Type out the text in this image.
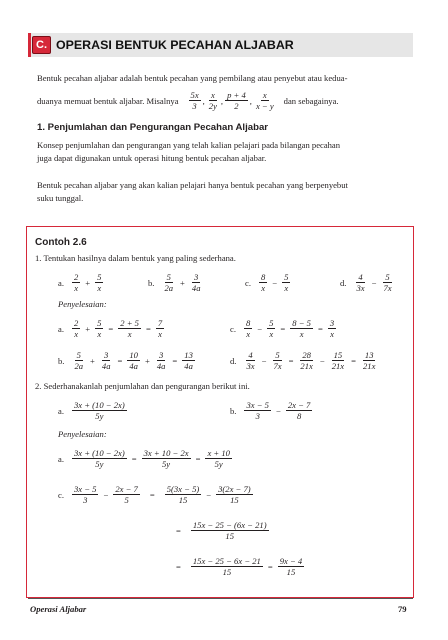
C. OPERASI BENTUK PECAHAN ALJABAR
Bentuk pecahan aljabar adalah bentuk pecahan yang pembilang atau penyebut atau kedua-
duanya memuat bentuk aljabar. Misalnya $\frac{5x}{3}$ , $\frac{x}{2y}$ , $\frac{p + 4}{2}$ , $\frac{x}{x - y}$ dan sebagainya.
1. Penjumlahan dan Pengurangan Pecahan Aljabar
Konsep penjumlahan dan pengurangan yang telah kalian pelajari pada bilangan pecahan
juga dapat digunakan untuk operasi hitung bentuk pecahan aljabar.
Bentuk pecahan aljabar yang akan kalian pelajari hanya bentuk pecahan yang berpenyebut
suku tunggal.
Contoh 2.6
1. Tentukan hasilnya dalam bentuk yang paling sederhana.
a. $\frac{2}{x} + \frac{5}{x}$	b. $\frac{5}{2a} + \frac{3}{4a}$	c. $\frac{8}{x} - \frac{5}{x}$	d. $\frac{4}{3x} - \frac{5}{7x}$
Penyelesaian:
a. $\frac{2}{x} + \frac{5}{x} = \frac{2 + 5}{x} = \frac{7}{x}$	c. $\frac{8}{x} - \frac{5}{x} = \frac{8 - 5}{x} = \frac{3}{x}$
b. $\frac{5}{2a} + \frac{3}{4a} = \frac{10}{4a} + \frac{3}{4a} = \frac{13}{4a}$	d. $\frac{4}{3x} - \frac{5}{7x} = \frac{28}{21x} - \frac{15}{21x} = \frac{13}{21x}$
2. Sederhanakanlah penjumlahan dan pengurangan berikut ini.
a. $\frac{3x + (10 - 2x)}{5y}$	b. $\frac{3x - 5}{3} - \frac{2x - 7}{8}$
Penyelesaian:
a. $\frac{3x + (10 - 2x)}{5y} = \frac{3x + 10 - 2x}{5y} = \frac{x + 10}{5y}$
c. $\frac{3x - 5}{3} - \frac{2x - 7}{5} = \frac{5(3x - 5)}{15} - \frac{3(2x - 7)}{15}$
= $\frac{15x - 25 - (6x - 21)}{15}$
= $\frac{15x - 25 - 6x - 21}{15} = \frac{9x - 4}{15}$
Operasi Aljabar	79
